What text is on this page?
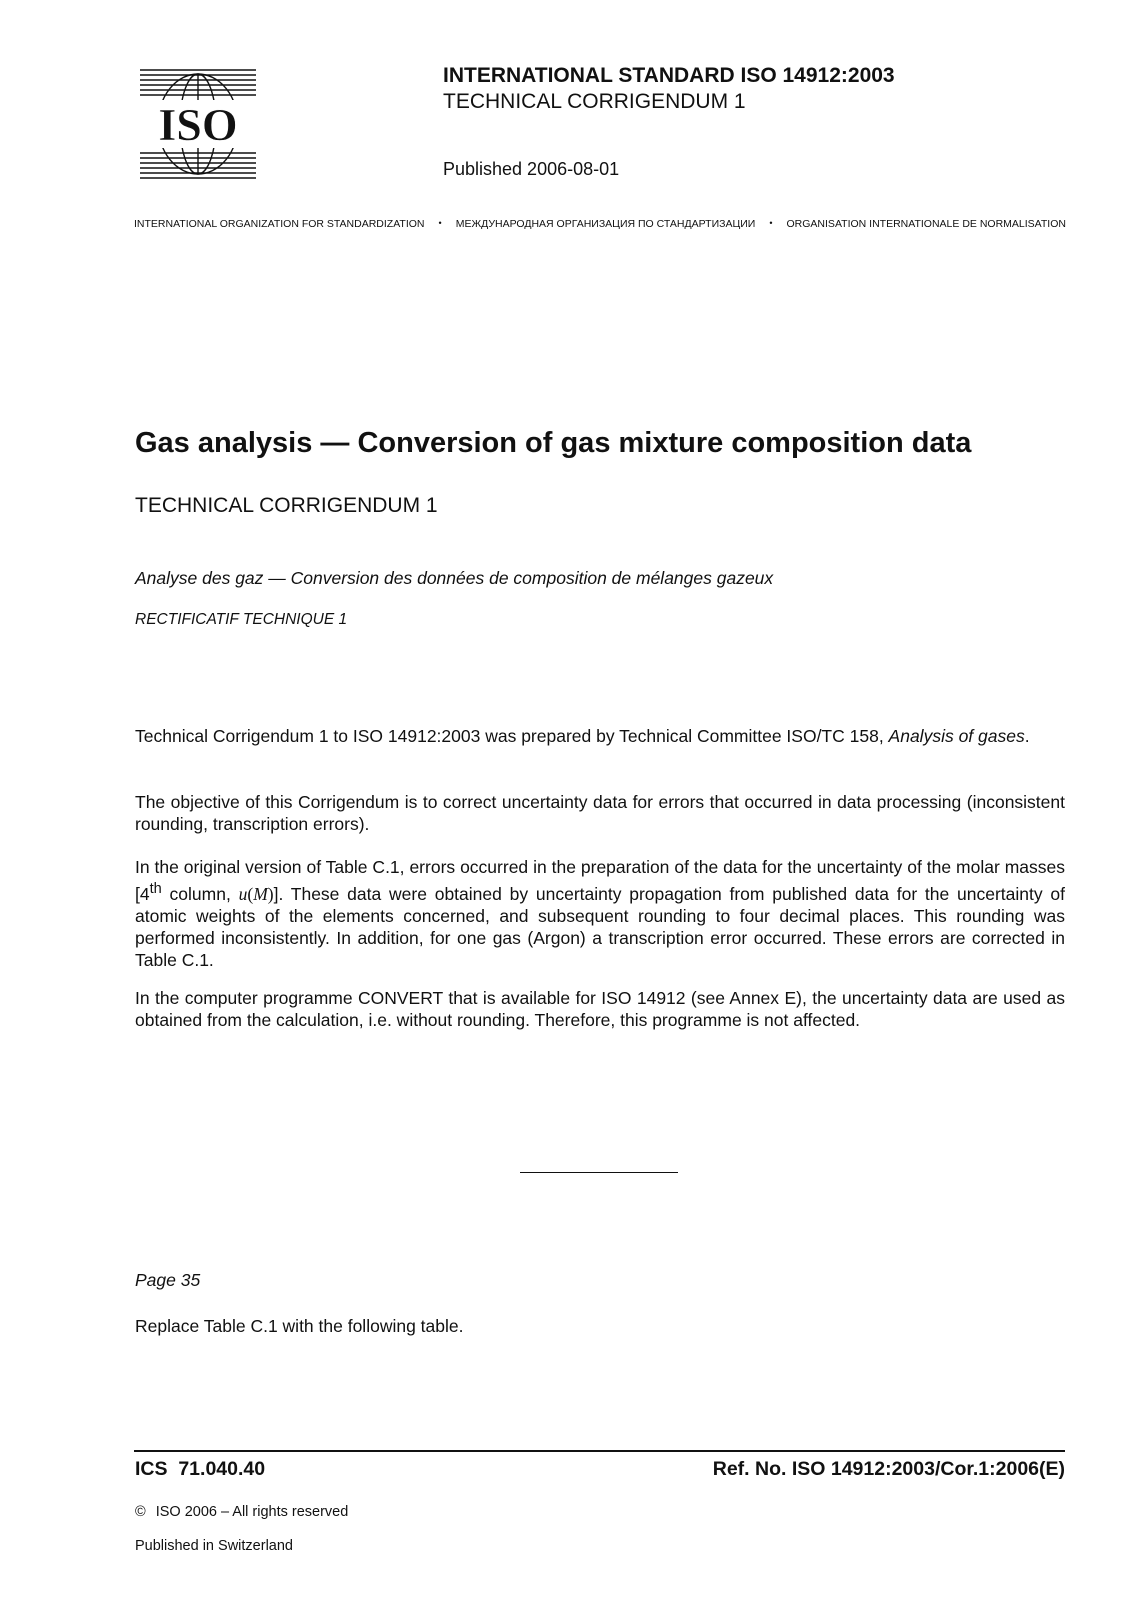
ISO
INTERNATIONAL STANDARD ISO 14912:2003
TECHNICAL CORRIGENDUM 1
Published 2006-08-01
INTERNATIONAL ORGANIZATION FOR STANDARDIZATION • МЕЖДУНАРОДНАЯ ОРГАНИЗАЦИЯ ПО СТАНДАРТИЗАЦИИ • ORGANISATION INTERNATIONALE DE NORMALISATION
Gas analysis — Conversion of gas mixture composition data
TECHNICAL CORRIGENDUM 1
Analyse des gaz — Conversion des données de composition de mélanges gazeux
RECTIFICATIF TECHNIQUE 1
Technical Corrigendum 1 to ISO 14912:2003 was prepared by Technical Committee ISO/TC 158, Analysis of gases.
The objective of this Corrigendum is to correct uncertainty data for errors that occurred in data processing (inconsistent rounding, transcription errors).
In the original version of Table C.1, errors occurred in the preparation of the data for the uncertainty of the molar masses [4th column, u(M)]. These data were obtained by uncertainty propagation from published data for the uncertainty of atomic weights of the elements concerned, and subsequent rounding to four decimal places. This rounding was performed inconsistently. In addition, for one gas (Argon) a transcription error occurred. These errors are corrected in Table C.1.
In the computer programme CONVERT that is available for ISO 14912 (see Annex E), the uncertainty data are used as obtained from the calculation, i.e. without rounding. Therefore, this programme is not affected.
Page 35
Replace Table C.1 with the following table.
ICS  71.040.40	Ref. No. ISO 14912:2003/Cor.1:2006(E)
© ISO 2006 – All rights reserved
Published in Switzerland
